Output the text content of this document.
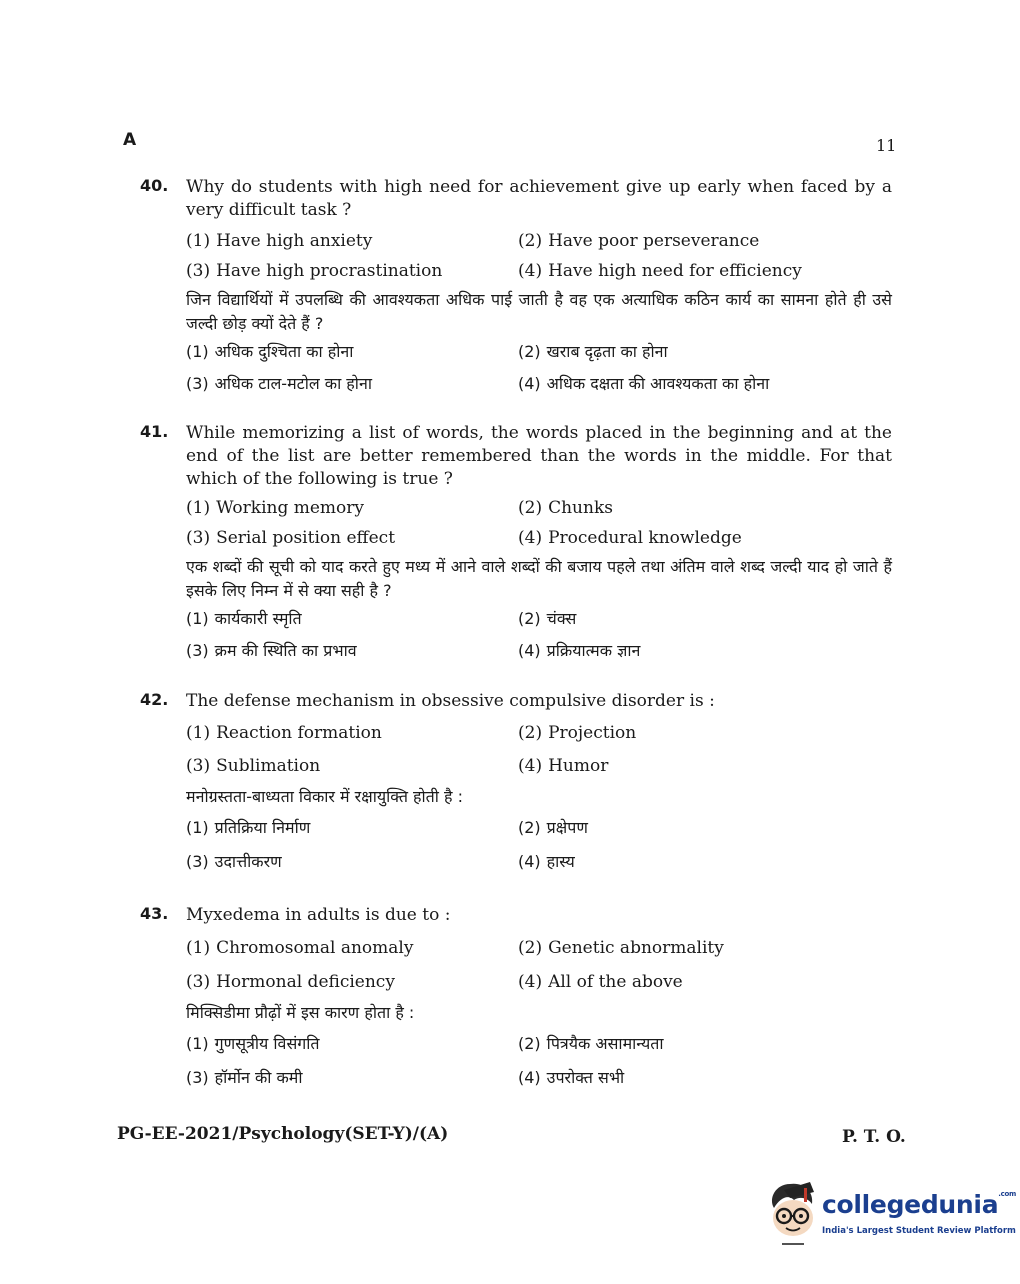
A	11
40. Why do students with high need for achievement give up early when faced by a very difficult task ?
(1) Have high anxiety	(2) Have poor perseverance
(3) Have high procrastination	(4) Have high need for efficiency
जिन विद्यार्थियों में उपलब्धि की आवश्यकता अधिक पाई जाती है वह एक अत्याधिक कठिन कार्य का सामना होते ही उसे जल्दी छोड़ क्यों देते हैं ?
(1) अधिक दुश्चिता का होना	(2) खराब दृढ़ता का होना
(3) अधिक टाल-मटोल का होना	(4) अधिक दक्षता की आवश्यकता का होना
41. While memorizing a list of words, the words placed in the beginning and at the end of the list are better remembered than the words in the middle. For that which of the following is true ?
(1) Working memory	(2) Chunks
(3) Serial position effect	(4) Procedural knowledge
एक शब्दों की सूची को याद करते हुए मध्य में आने वाले शब्दों की बजाय पहले तथा अंतिम वाले शब्द जल्दी याद हो जाते हैं इसके लिए निम्न में से क्या सही है ?
(1) कार्यकारी स्मृति	(2) चंक्स
(3) क्रम की स्थिति का प्रभाव	(4) प्रक्रियात्मक ज्ञान
42. The defense mechanism in obsessive compulsive disorder is :
(1) Reaction formation	(2) Projection
(3) Sublimation	(4) Humor
मनोग्रस्तता-बाध्यता विकार में रक्षायुक्ति होती है :
(1) प्रतिक्रिया निर्माण	(2) प्रक्षेपण
(3) उदात्तीकरण	(4) हास्य
43. Myxedema in adults is due to :
(1) Chromosomal anomaly	(2) Genetic abnormality
(3) Hormonal deficiency	(4) All of the above
मिक्सिडीमा प्रौढ़ों में इस कारण होता है :
(1) गुणसूत्रीय विसंगति	(2) पित्रयैक असामान्यता
(3) हॉर्मोन की कमी	(4) उपरोक्त सभी
PG-EE-2021/Psychology(SET-Y)/(A)	P. T. O.
collegedunia$^{.com}$
India's Largest Student Review Platform
